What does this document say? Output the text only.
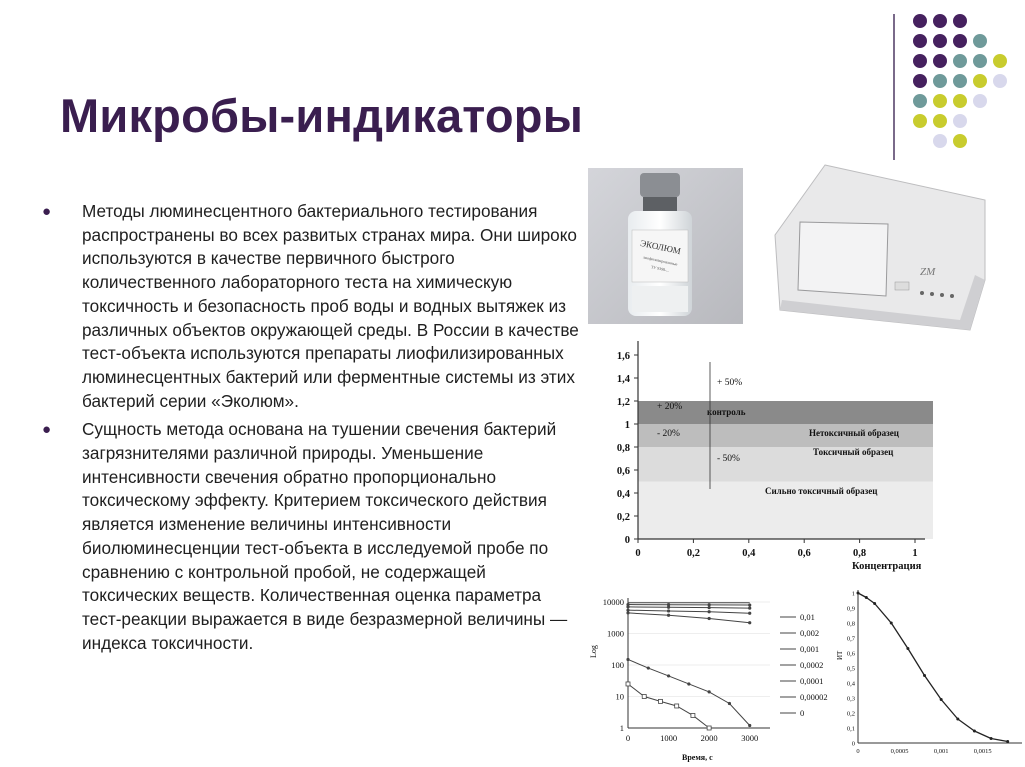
Микробы-индикаторы
● Методы люминесцентного бактериального тестирования распространены во всех развитых странах мира. Они широко используются в качестве первичного быстрого количественного лабораторного теста на химическую токсичность и безопасность проб воды и водных вытяжек из различных объектов окружающей среды. В России в качестве тест-объекта используются препараты лиофилизированных люминесцентных бактерий или ферментные системы из этих бактерий серии «Эколюм».
● Сущность метода основана на тушении свечения бактерий загрязнителями различной природы. Уменьшение интенсивности свечения обратно пропорционально токсическому эффекту. Критерием токсического действия является изменение величины интенсивности биолюминесценции тест-объекта в исследуемой пробе по сравнению с контрольной пробой, не содержащей токсических веществ. Количественная оценка параметра тест-реакции выражается в виде безразмерной величины — индекса токсичности.
ЭКОЛЮМ
лиофилизированные
ТУ 9398-...	ZM
контроль
Нетоксичный образец
Токсичный образец
Сильно токсичный образец
0
0,2
0,4
0,6
0,8
1
1,2
1,4
1,6
0	0,2	0,4	0,6	0,8	1
+ 50%
+ 20%
- 20%
- 50%
Концентрация
1
10
100
1000
10000
0	1000	2000	3000
Log
Время, с
0,01
0,002
0,001
0,0002
0,0001
0,00002
0
0
0,1
0,2
0,3
0,4
0,5
0,6
0,7
0,8
0,9
1
0	0,0005	0,001	0,0015
ИТ
